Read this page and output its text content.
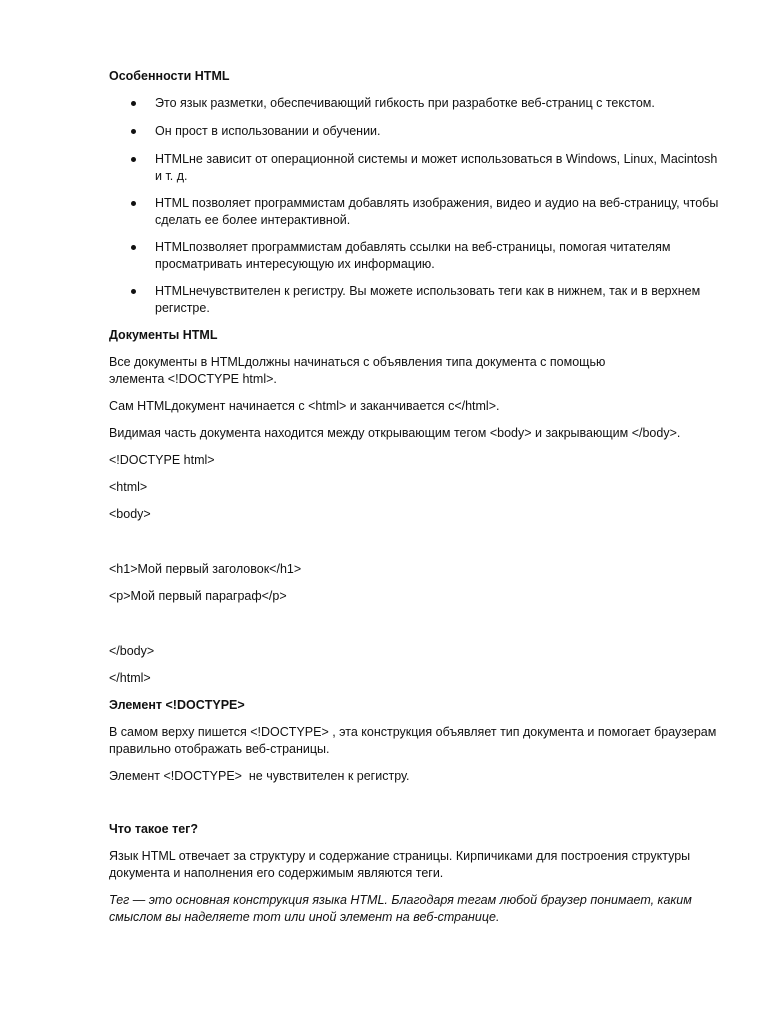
Особенности HTML

Это язык разметки, обеспечивающий гибкость при разработке веб-страниц с текстом.
Он прост в использовании и обучении.
HTMLне зависит от операционной системы и может использоваться в Windows, Linux, Macintosh и т. д.
HTML позволяет программистам добавлять изображения, видео и аудио на веб-страницу, чтобы сделать ее более интерактивной.
HTMLпозволяет программистам добавлять ссылки на веб-страницы, помогая читателям просматривать интересующую их информацию.
HTMLнечувствителен к регистру. Вы можете использовать теги как в нижнем, так и в верхнем регистре.

Документы HTML

Все документы в HTMLдолжны начинаться с объявления типа документа с помощью элемента <!DOCTYPE html>.

Сам HTMLдокумент начинается с <html> и заканчивается с</html>.

Видимая часть документа находится между открывающим тегом <body> и закрывающим </body>.

<!DOCTYPE html>

<html>

<body>

<h1>Мой первый заголовок</h1>

<p>Мой первый параграф</p>

</body>

</html>

Элемент <!DOCTYPE>

В самом верху пишется <!DOCTYPE> , эта конструкция объявляет тип документа и помогает браузерам правильно отображать веб-страницы.

Элемент <!DOCTYPE>  не чувствителен к регистру.

Что такое тег?

Язык HTML отвечает за структуру и содержание страницы. Кирпичиками для построения структуры документа и наполнения его содержимым являются теги.

Тег — это основная конструкция языка HTML. Благодаря тегам любой браузер понимает, каким смыслом вы наделяете тот или иной элемент на веб-странице.
